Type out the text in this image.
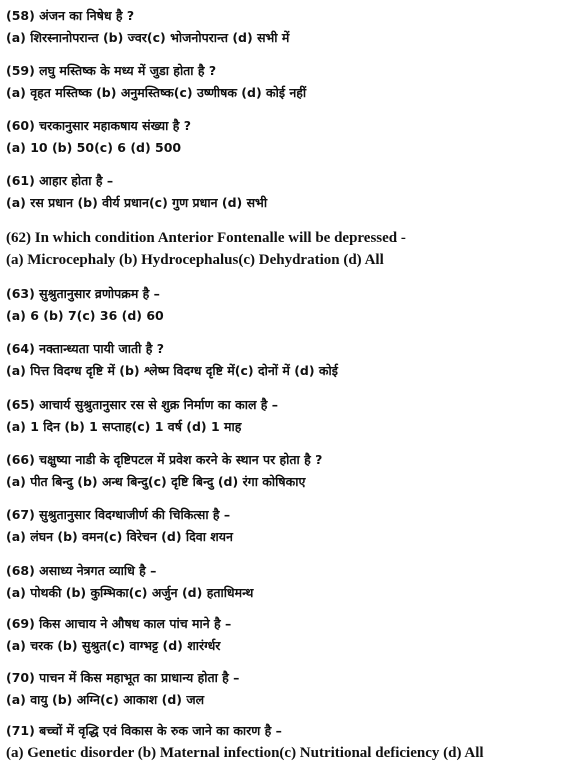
(58) अंजन का निषेध है ?
(a) शिरस्नानोपरान्त (b) ज्वर(c) भोजनोपरान्त (d) सभी में
(59) लघु मस्तिष्क के मध्य में जुडा होता है ?
(a) वृहत मस्तिष्क (b) अनुमस्तिष्क(c) उष्णीषक (d) कोई नहीं
(60) चरकानुसार महाकषाय संख्या है ?
(a) 10 (b) 50(c) 6 (d) 500
(61) आहार होता है –
(a) रस प्रधान (b) वीर्य प्रधान(c) गुण प्रधान (d) सभी
(62) In which condition Anterior Fontenalle will be depressed -
(a) Microcephaly (b) Hydrocephalus(c) Dehydration (d) All
(63) सुश्रुतानुसार व्रणोपक्रम है –
(a) 6 (b) 7(c) 36 (d) 60
(64) नक्तान्ध्यता पायी जाती है ?
(a) पित्त विदग्ध दृष्टि में (b) श्लेष्म विदग्ध दृष्टि में(c) दोनों में (d) कोई
(65) आचार्य सुश्रुतानुसार रस से शुक्र निर्माण का काल है –
(a) 1 दिन (b) 1 सप्ताह(c) 1 वर्ष (d) 1 माह
(66) चक्षुष्या नाडी के दृष्टिपटल में प्रवेश करने के स्थान पर होता है ?
(a) पीत बिन्दु (b) अन्ध बिन्दु(c) दृष्टि बिन्दु (d) रंगा कोषिकाए
(67) सुश्रुतानुसार विदग्धाजीर्ण की चिकित्सा है –
(a) लंघन (b) वमन(c) विरेचन (d) दिवा शयन
(68) असाध्य नेत्रगत व्याधि है –
(a) पोथकी (b) कुम्भिका(c) अर्जुन (d) हताधिमन्थ
(69) किस आचाय ने औषध काल पांच माने है –
(a) चरक (b) सुश्रुत(c) वाग्भट्ट (d) शारंर्ग्धर
(70) पाचन में किस महाभूत का प्राधान्य होता है –
(a) वायु (b) अग्नि(c) आकाश (d) जल
(71) बच्चों में वृद्धि एवं विकास के रुक जाने का कारण है –
(a) Genetic disorder (b) Maternal infection(c) Nutritional deficiency (d) All
